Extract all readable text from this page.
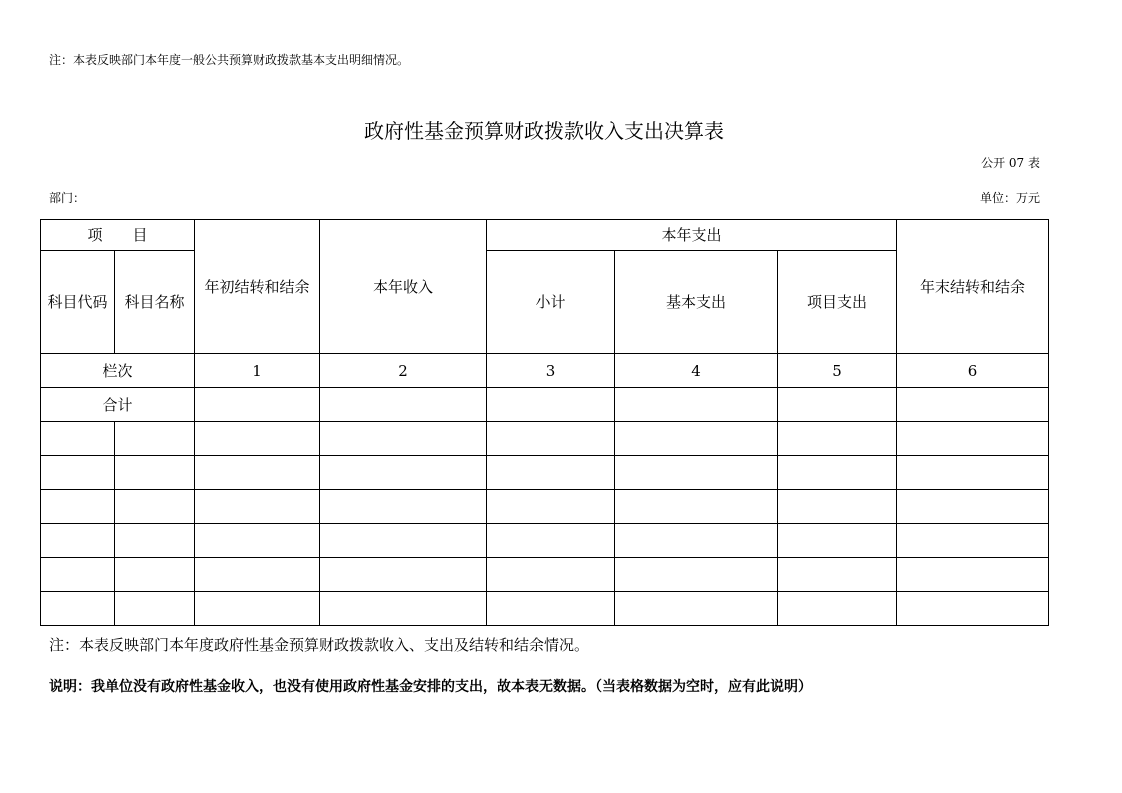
注：本表反映部门本年度一般公共预算财政拨款基本支出明细情况。
政府性基金预算财政拨款收入支出决算表
公开 07 表
部门：	单位：万元
项　　目		年初结转和结余	本年收入	本年支出			年末结转和结余
科目代码	科目名称			小计	基本支出	项目支出	
栏次		1	2	3	4	5	6
合计							

注：本表反映部门本年度政府性基金预算财政拨款收入、支出及结转和结余情况。
说明：我单位没有政府性基金收入，也没有使用政府性基金安排的支出，故本表无数据。（当表格数据为空时，应有此说明）
